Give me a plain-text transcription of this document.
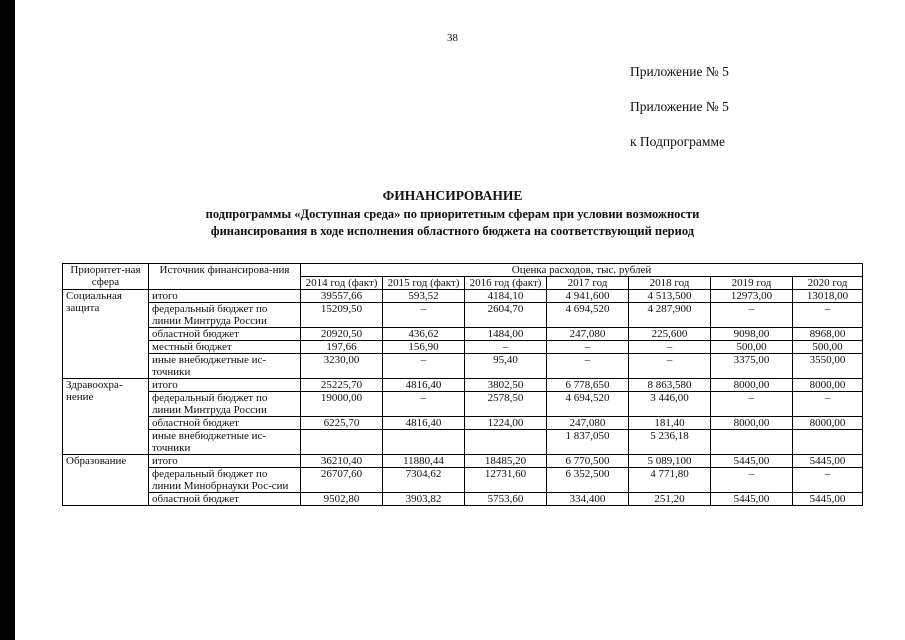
38
Приложение № 5
Приложение № 5
к Подпрограмме
ФИНАНСИРОВАНИЕ
подпрограммы «Доступная среда» по приоритетным сферам при условии возможности
финансирования в ходе исполнения областного бюджета на соответствующий период
Приоритет-ная сфера	Источник финансирова-ния	Оценка расходов, тыс. рублей						
		2014 год (факт)	2015 год (факт)	2016 год (факт)	2017 год	2018 год	2019 год	2020 год
Социальная защита	итого	39557,66	593,52	4184,10	4 941,600	4 513,500	12973,00	13018,00
	федеральный бюджет по линии Минтруда России	15209,50	–	2604,70	4 694,520	4 287,900	–	–
	областной бюджет	20920,50	436,62	1484,00	247,080	225,600	9098,00	8968,00
	местный бюджет	197,66	156,90	–	–	–	500,00	500,00
	иные внебюджетные ис-точники	3230,00	–	95,40	–	–	3375,00	3550,00
Здравоохра-нение	итого	25225,70	4816,40	3802,50	6 778,650	8 863,580	8000,00	8000,00
	федеральный бюджет по линии Минтруда России	19000,00	–	2578,50	4 694,520	3 446,00	–	–
	областной бюджет	6225,70	4816,40	1224,00	247,080	181,40	8000,00	8000,00
	иные внебюджетные ис-точники				1 837,050	5 236,18		
Образование	итого	36210,40	11880,44	18485,20	6 770,500	5 089,100	5445,00	5445,00
	федеральный бюджет по линии Минобрнауки Рос-сии	26707,60	7304,62	12731,60	6 352,500	4 771,80	–	–
	областной бюджет	9502,80	3903,82	5753,60	334,400	251,20	5445,00	5445,00
